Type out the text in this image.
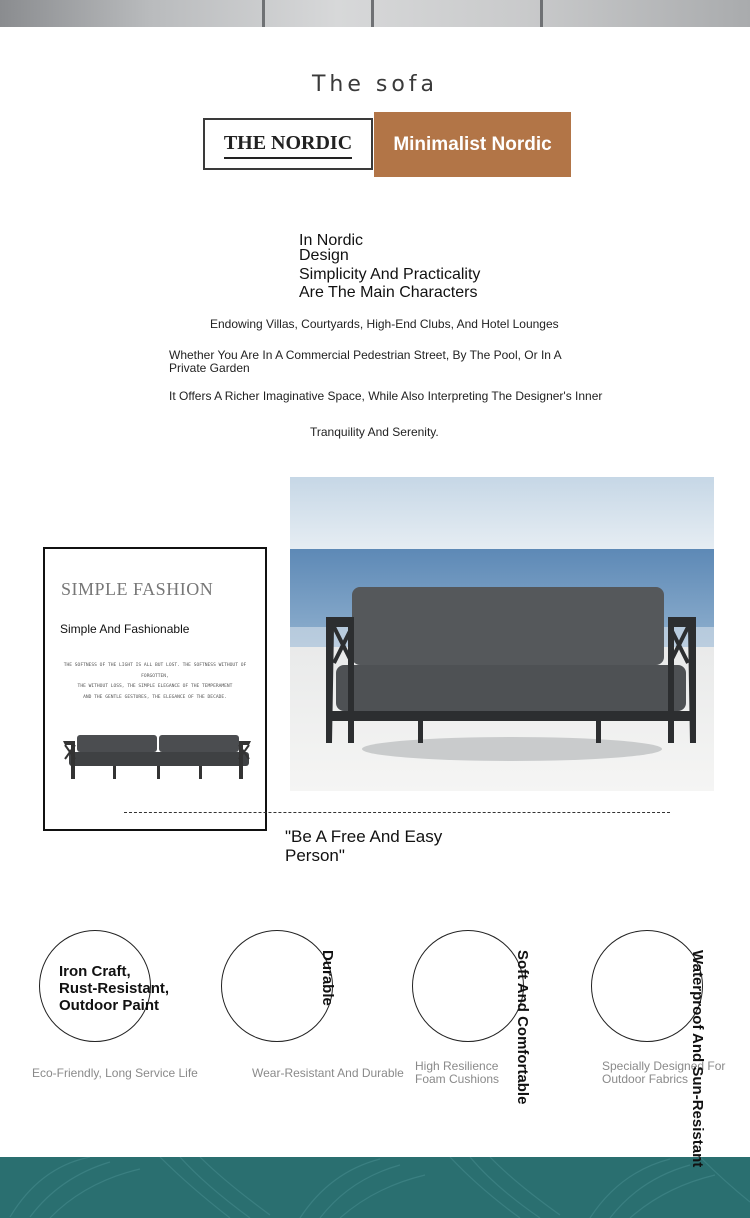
The sofa
THE NORDIC	Minimalist Nordic
In Nordic
Design
Simplicity And Practicality
Are The Main Characters
Endowing Villas, Courtyards, High-End Clubs, And Hotel Lounges
Whether You Are In A Commercial Pedestrian Street, By The Pool, Or In A
Private Garden
It Offers A Richer Imaginative Space, While Also Interpreting The Designer's Inner
Tranquility And Serenity.
SIMPLE FASHION
Simple And Fashionable
THE SOFTNESS OF THE LIGHT IS ALL BUT LOST. THE SOFTNESS WITHOUT OF FORGOTTEN,
THE WITHOUT LOSS, THE SIMPLE ELEGANCE OF THE TEMPERAMENT
AND THE GENTLE GESTURES, THE ELEGANCE OF THE DECADE.
"Be A Free And Easy
Person"
Iron Craft,
Rust-Resistant,
Outdoor Paint
Eco-Friendly, Long Service Life
Durable
Wear-Resistant And Durable	Soft And Comfortable
High Resilience
Foam Cushions
Specially Designed For
Outdoor Fabrics Waterproof And Sun-Resistant
